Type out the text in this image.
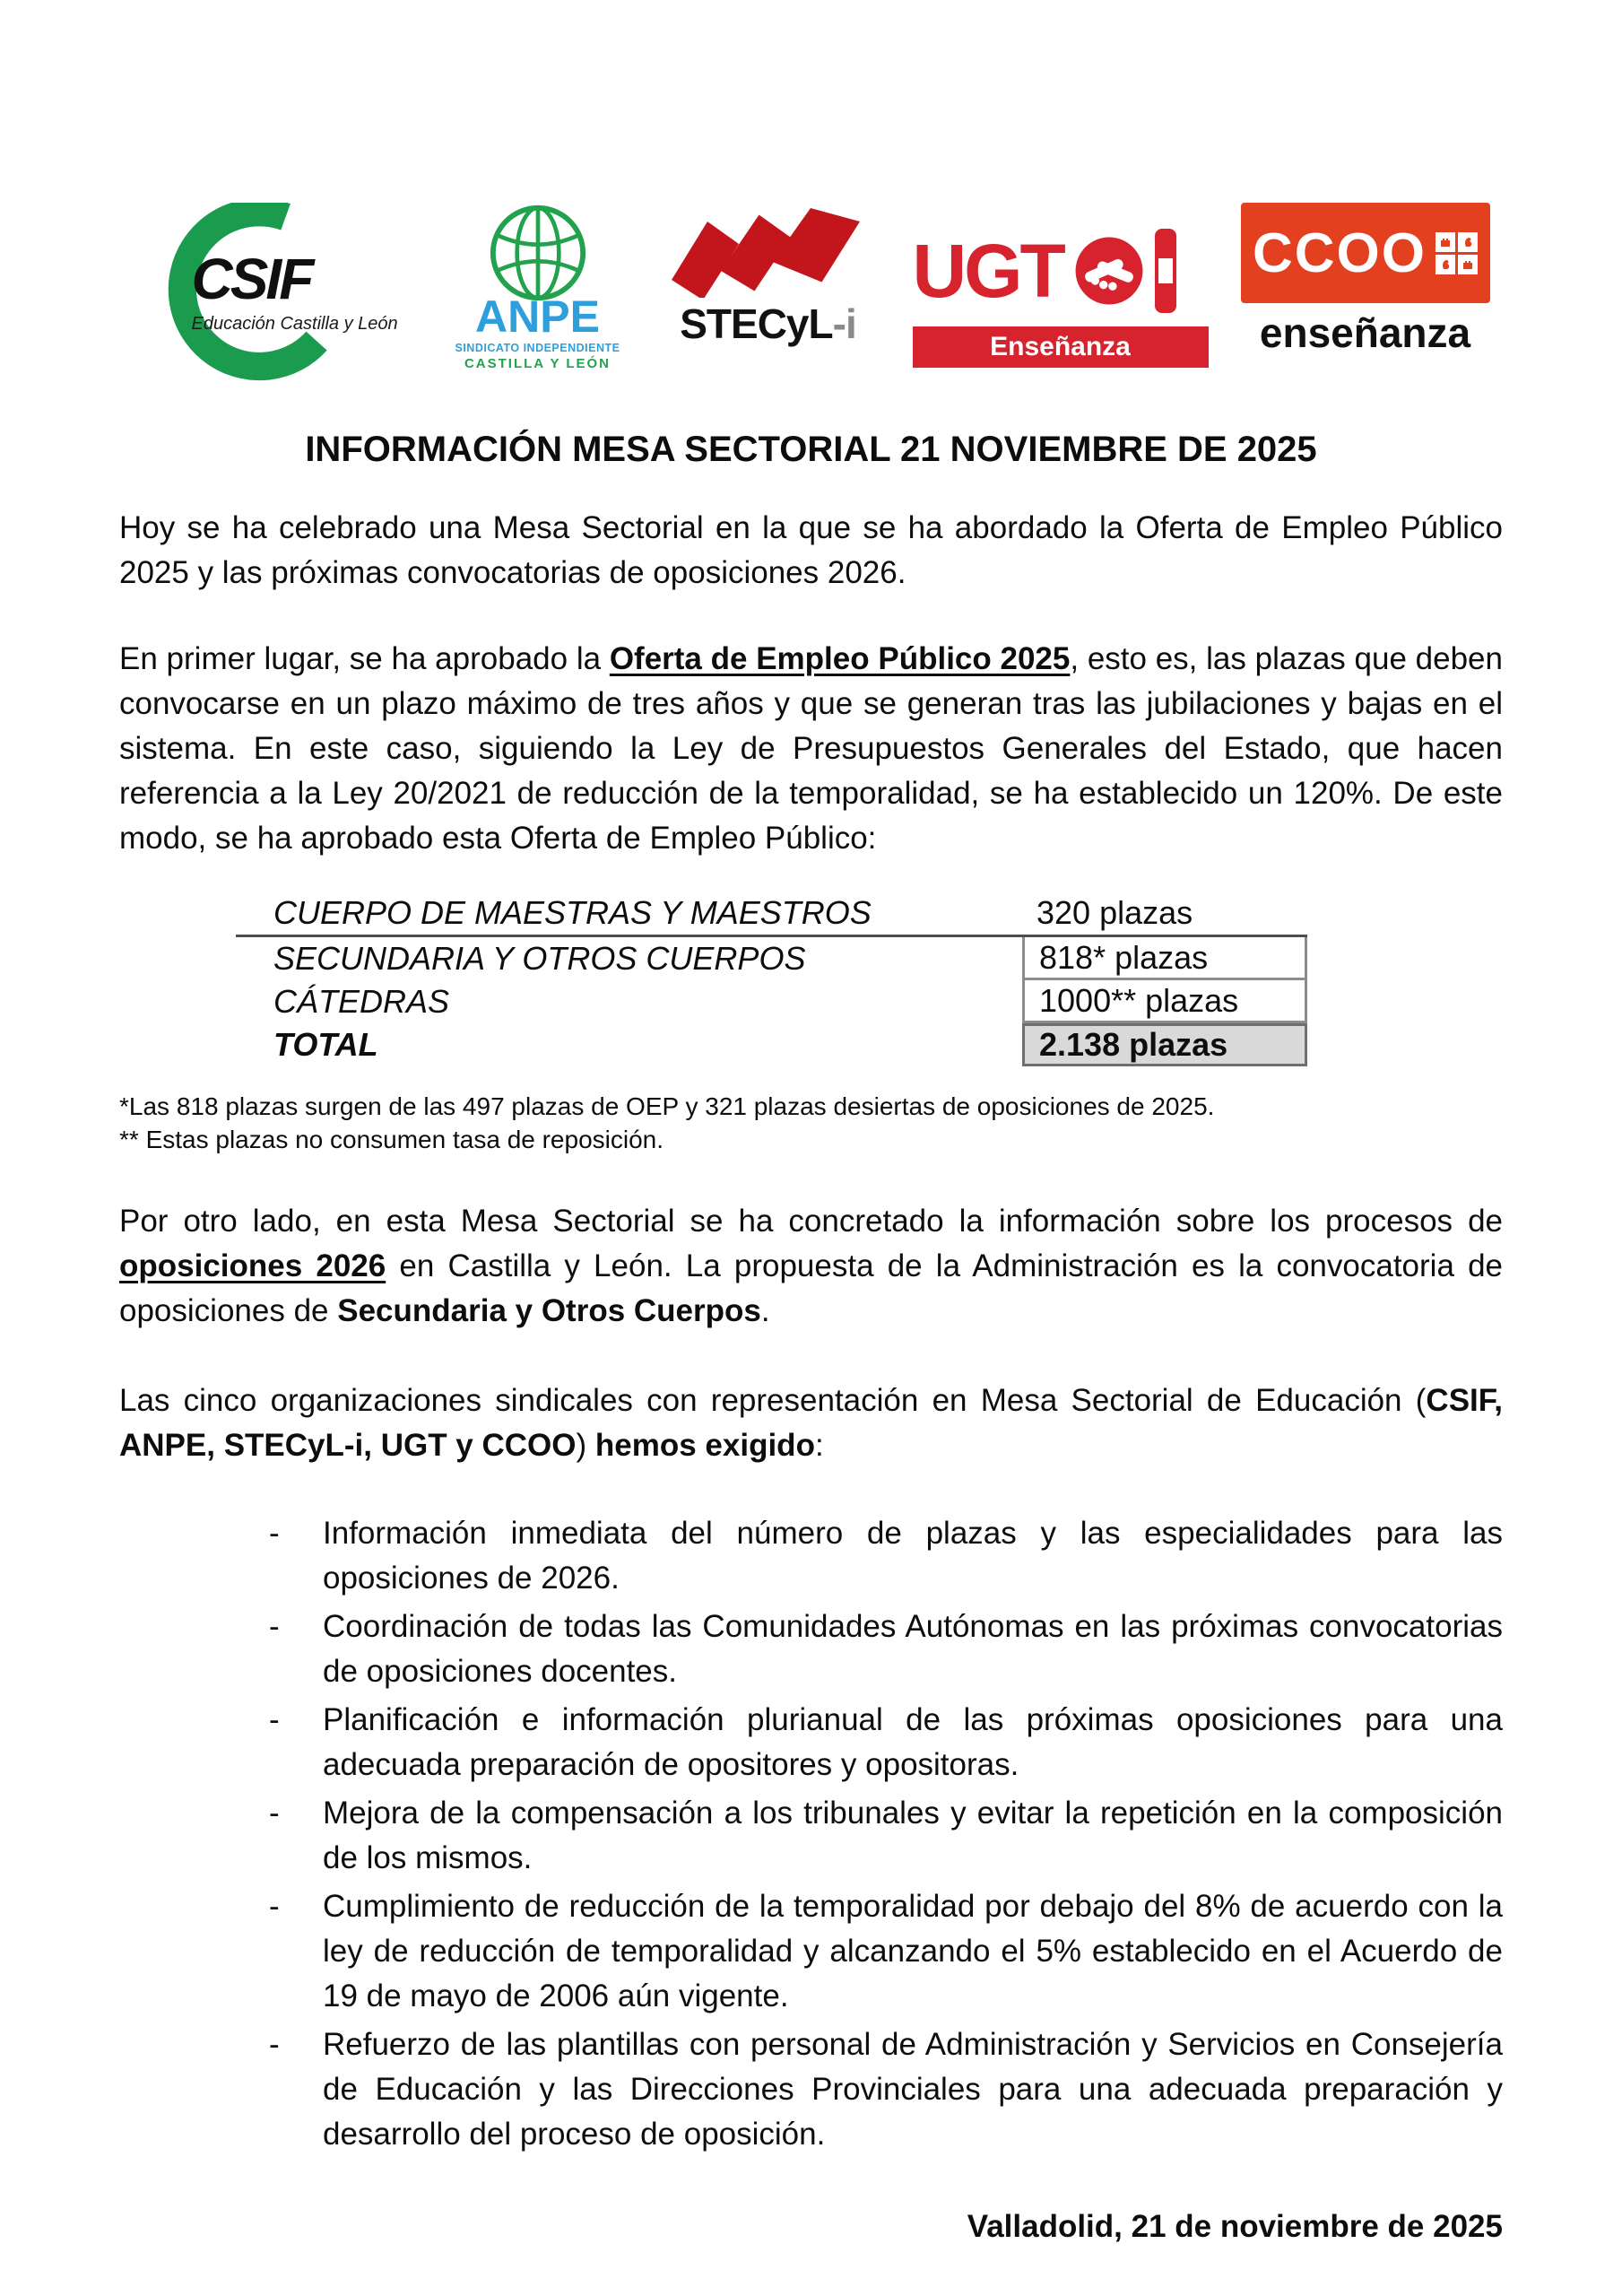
CSIF
Educación Castilla y León	ANPE
SINDICATO INDEPENDIENTE
CASTILLA Y LEÓN
STECyL-i
UGT
Enseñanza
CCOO
enseñanza
INFORMACIÓN MESA SECTORIAL 21 NOVIEMBRE DE 2025

Hoy se ha celebrado una Mesa Sectorial en la que se ha abordado la Oferta de Empleo Público 2025 y las próximas convocatorias de oposiciones 2026.

En primer lugar, se ha aprobado la Oferta de Empleo Público 2025, esto es, las plazas que deben convocarse en un plazo máximo de tres años y que se generan tras las jubilaciones y bajas en el sistema. En este caso, siguiendo la Ley de Presupuestos Generales del Estado, que hacen referencia a la Ley 20/2021 de reducción de la temporalidad, se ha establecido un 120%. De este modo, se ha aprobado esta Oferta de Empleo Público:

CUERPO DE MAESTRAS Y MAESTROS	320 plazas
SECUNDARIA Y OTROS CUERPOS	818* plazas
CÁTEDRAS	1000** plazas
TOTAL	2.138 plazas
*Las 818 plazas surgen de las 497 plazas de OEP y 321 plazas desiertas de oposiciones de 2025.
** Estas plazas no consumen tasa de reposición.

Por otro lado, en esta Mesa Sectorial se ha concretado la información sobre los procesos de oposiciones 2026 en Castilla y León. La propuesta de la Administración es la convocatoria de oposiciones de Secundaria y Otros Cuerpos.

Las cinco organizaciones sindicales con representación en Mesa Sectorial de Educación (CSIF, ANPE, STECyL-i, UGT y CCOO) hemos exigido:

- Información inmediata del número de plazas y las especialidades para las oposiciones de 2026.
- Coordinación de todas las Comunidades Autónomas en las próximas convocatorias de oposiciones docentes.
- Planificación e información plurianual de las próximas oposiciones para una adecuada preparación de opositores y opositoras.
- Mejora de la compensación a los tribunales y evitar la repetición en la composición de los mismos.
- Cumplimiento de reducción de la temporalidad por debajo del 8% de acuerdo con la ley de reducción de temporalidad y alcanzando el 5% establecido en el Acuerdo de 19 de mayo de 2006 aún vigente.
- Refuerzo de las plantillas con personal de Administración y Servicios en Consejería de Educación y las Direcciones Provinciales para una adecuada preparación y desarrollo del proceso de oposición.
Valladolid, 21 de noviembre de 2025
